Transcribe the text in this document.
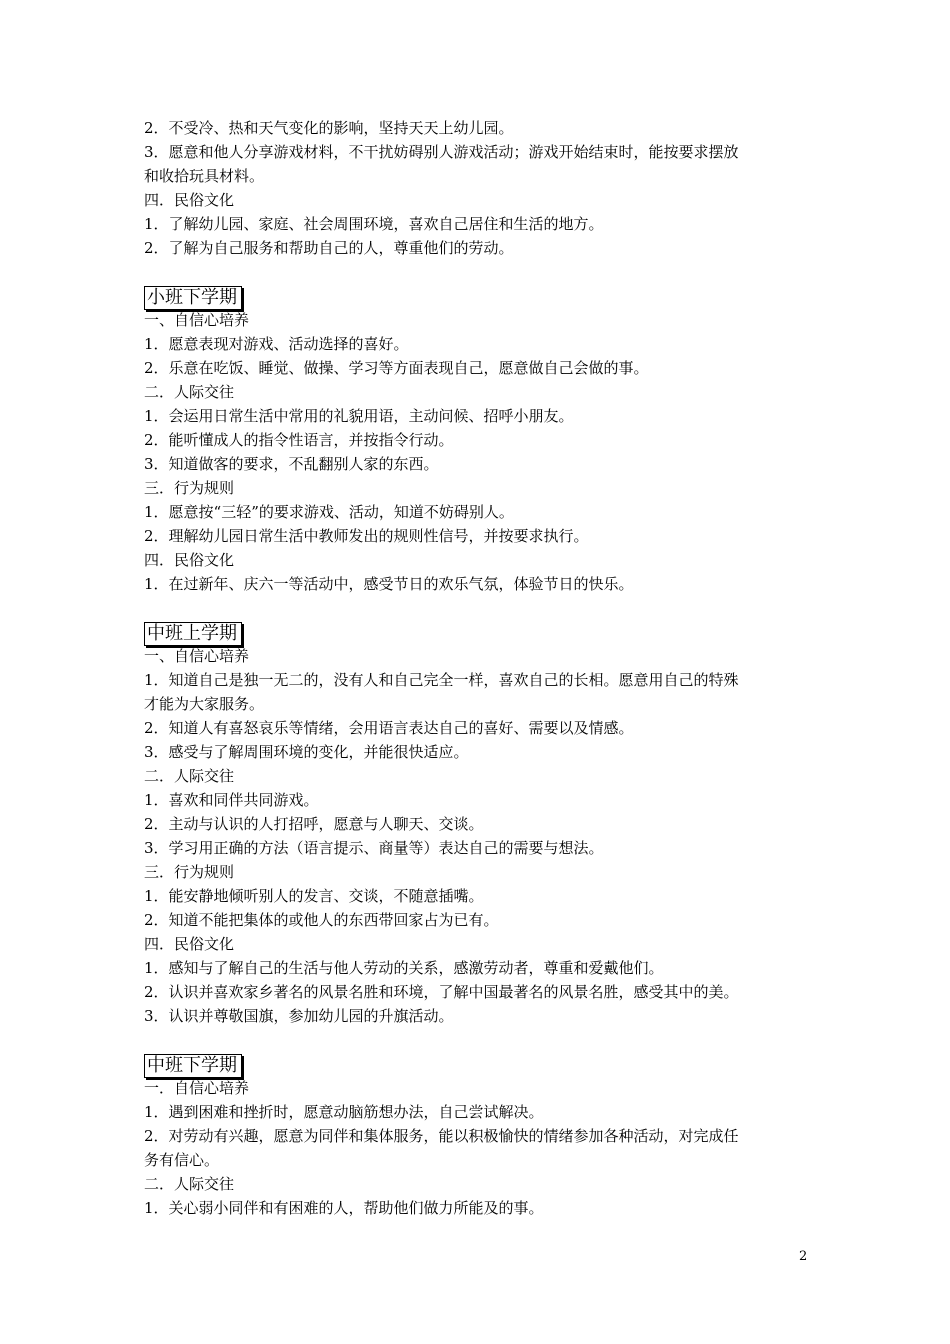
2．不受冷、热和天气变化的影响，坚持天天上幼儿园。
3．愿意和他人分享游戏材料，不干扰妨碍别人游戏活动；游戏开始结束时，能按要求摆放
和收拾玩具材料。
四．民俗文化
1．了解幼儿园、家庭、社会周围环境，喜欢自己居住和生活的地方。
2．了解为自己服务和帮助自己的人，尊重他们的劳动。
小班下学期
一、自信心培养
1．愿意表现对游戏、活动选择的喜好。
2．乐意在吃饭、睡觉、做操、学习等方面表现自己，愿意做自己会做的事。
二．人际交往
1．会运用日常生活中常用的礼貌用语，主动问候、招呼小朋友。
2．能听懂成人的指令性语言，并按指令行动。
3．知道做客的要求，不乱翻别人家的东西。
三．行为规则
1．愿意按“三轻”的要求游戏、活动，知道不妨碍别人。
2．理解幼儿园日常生活中教师发出的规则性信号，并按要求执行。
四．民俗文化
1．在过新年、庆六一等活动中，感受节日的欢乐气氛，体验节日的快乐。
中班上学期
一、自信心培养
1．知道自己是独一无二的，没有人和自己完全一样，喜欢自己的长相。愿意用自己的特殊
才能为大家服务。
2．知道人有喜怒哀乐等情绪，会用语言表达自己的喜好、需要以及情感。
3．感受与了解周围环境的变化，并能很快适应。
二．人际交往
1．喜欢和同伴共同游戏。
2．主动与认识的人打招呼，愿意与人聊天、交谈。
3．学习用正确的方法（语言提示、商量等）表达自己的需要与想法。
三．行为规则
1．能安静地倾听别人的发言、交谈，不随意插嘴。
2．知道不能把集体的或他人的东西带回家占为已有。
四．民俗文化
1．感知与了解自己的生活与他人劳动的关系，感激劳动者，尊重和爱戴他们。
2．认识并喜欢家乡著名的风景名胜和环境，了解中国最著名的风景名胜，感受其中的美。
3．认识并尊敬国旗，参加幼儿园的升旗活动。
中班下学期
一．自信心培养
1．遇到困难和挫折时，愿意动脑筋想办法，自己尝试解决。
2．对劳动有兴趣，愿意为同伴和集体服务，能以积极愉快的情绪参加各种活动，对完成任
务有信心。
二．人际交往
1．关心弱小同伴和有困难的人，帮助他们做力所能及的事。
2
